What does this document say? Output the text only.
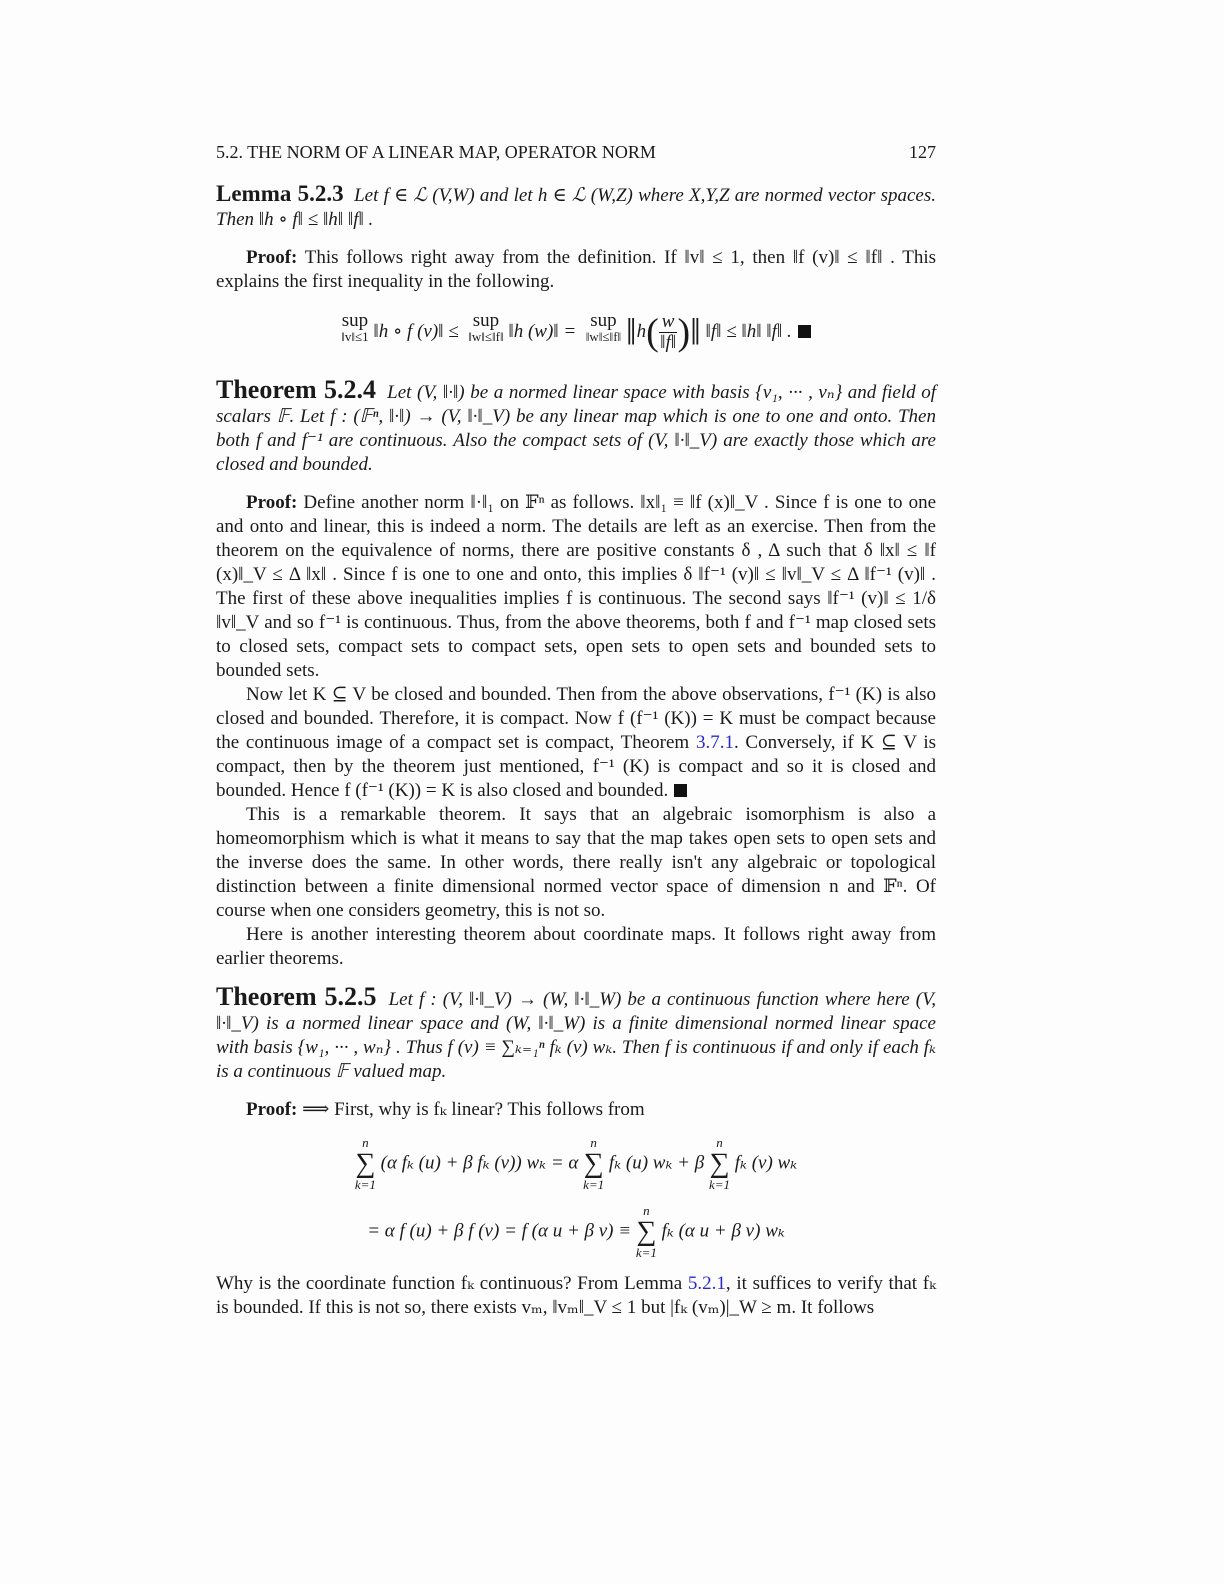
5.2. THE NORM OF A LINEAR MAP, OPERATOR NORM	127

Lemma 5.2.3 Let f ∈ ℒ (V,W) and let h ∈ ℒ (W,Z) where X,Y,Z are normed vector spaces. Then ‖h ∘ f‖ ≤ ‖h‖ ‖f‖ .

Proof: This follows right away from the definition. If ‖v‖ ≤ 1, then ‖f (v)‖ ≤ ‖f‖ . This explains the first inequality in the following.

sup
‖v‖≤1 ‖h ∘ f (v)‖ ≤  sup
‖w‖≤‖f‖ ‖h (w)‖ =  sup
‖w‖≤‖f‖ ‖h( $\frac{w}{‖f‖}$ )‖ ‖f‖ ≤ ‖h‖ ‖f‖ .

Theorem 5.2.4 Let (V, ‖·‖) be a normed linear space with basis {v₁, ··· , vₙ} and field of scalars 𝔽. Let f : (𝔽ⁿ, ‖·‖) → (V, ‖·‖_V) be any linear map which is one to one and onto. Then both f and f⁻¹ are continuous. Also the compact sets of (V, ‖·‖_V) are exactly those which are closed and bounded.

Proof: Define another norm ‖·‖₁ on 𝔽ⁿ as follows. ‖x‖₁ ≡ ‖f (x)‖_V . Since f is one to one and onto and linear, this is indeed a norm. The details are left as an exercise. Then from the theorem on the equivalence of norms, there are positive constants δ , Δ such that δ ‖x‖ ≤ ‖f (x)‖_V ≤ Δ ‖x‖ . Since f is one to one and onto, this implies δ ‖f⁻¹ (v)‖ ≤ ‖v‖_V ≤ Δ ‖f⁻¹ (v)‖ . The first of these above inequalities implies f is continuous. The second says ‖f⁻¹ (v)‖ ≤ 1/δ ‖v‖_V and so f⁻¹ is continuous. Thus, from the above theorems, both f and f⁻¹ map closed sets to closed sets, compact sets to compact sets, open sets to open sets and bounded sets to bounded sets.

Now let K ⊆ V be closed and bounded. Then from the above observations, f⁻¹ (K) is also closed and bounded. Therefore, it is compact. Now f (f⁻¹ (K)) = K must be compact because the continuous image of a compact set is compact, Theorem 3.7.1. Conversely, if K ⊆ V is compact, then by the theorem just mentioned, f⁻¹ (K) is compact and so it is closed and bounded. Hence f (f⁻¹ (K)) = K is also closed and bounded.

This is a remarkable theorem. It says that an algebraic isomorphism is also a homeomorphism which is what it means to say that the map takes open sets to open sets and the inverse does the same. In other words, there really isn't any algebraic or topological distinction between a finite dimensional normed vector space of dimension n and 𝔽ⁿ. Of course when one considers geometry, this is not so.

Here is another interesting theorem about coordinate maps. It follows right away from earlier theorems.

Theorem 5.2.5 Let f : (V, ‖·‖_V) → (W, ‖·‖_W) be a continuous function where here (V, ‖·‖_V) is a normed linear space and (W, ‖·‖_W) is a finite dimensional normed linear space with basis {w₁, ··· , wₙ} . Thus f (v) ≡ ∑ₖ₌₁ⁿ fₖ (v) wₖ. Then f is continuous if and only if each fₖ is a continuous 𝔽 valued map.

Proof: ⟹ First, why is fₖ linear? This follows from

n
∑
k=1
(α fₖ (u) + β fₖ (v)) wₖ = α
n
∑
k=1
fₖ (u) wₖ + β
n
∑
k=1
fₖ (v) wₖ
= α f (u) + β f (v) = f (α u + β v) ≡
n
∑
k=1
fₖ (α u + β v) wₖ

Why is the coordinate function fₖ continuous? From Lemma 5.2.1, it suffices to verify that fₖ is bounded. If this is not so, there exists vₘ, ‖vₘ‖_V ≤ 1 but |fₖ (vₘ)|_W ≥ m. It follows
